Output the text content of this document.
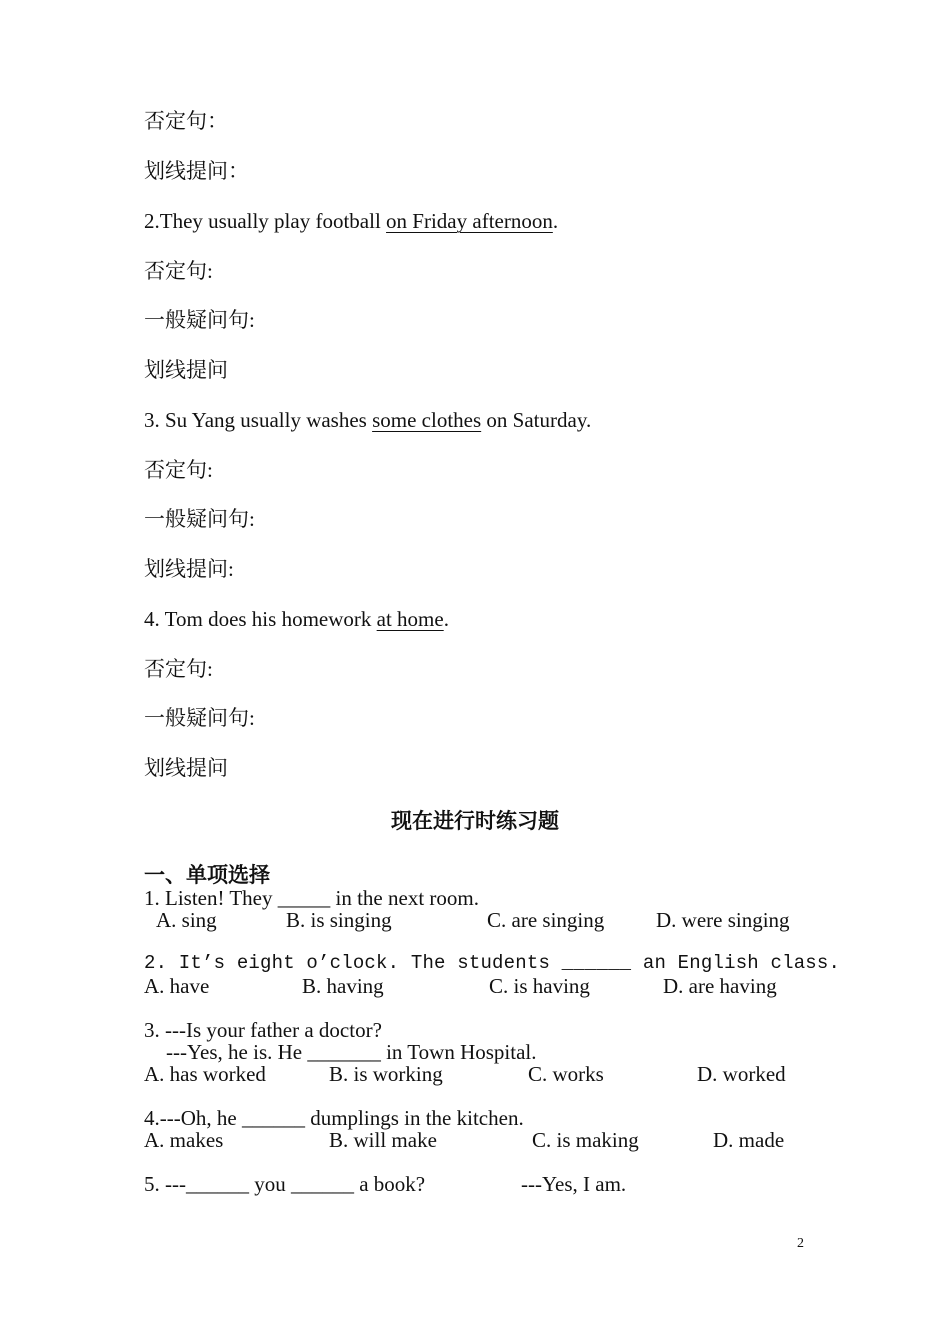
否定句：
划线提问：
2.They usually play football on Friday afternoon.
否定句:
一般疑问句:
划线提问
3. Su Yang usually washes some clothes on Saturday.
否定句:
一般疑问句:
划线提问:
4. Tom does his homework at home.
否定句:
一般疑问句:
划线提问
现在进行时练习题
一、单项选择
1. Listen! They _____ in the next room.
A. sing	B. is singing	C. are singing D. were singing
2. It’s eight o’clock. The students ______ an English class.
A. have	B. having	C. is having	D. are having
3. ---Is your father a doctor?
---Yes, he is. He _______ in Town Hospital.
A. has worked	B. is working	C. works	D. worked
4.---Oh, he ______ dumplings in the kitchen.
A. makes	B. will make	C. is making	D. made
5. ---______ you ______ a book?	---Yes, I am.
2
